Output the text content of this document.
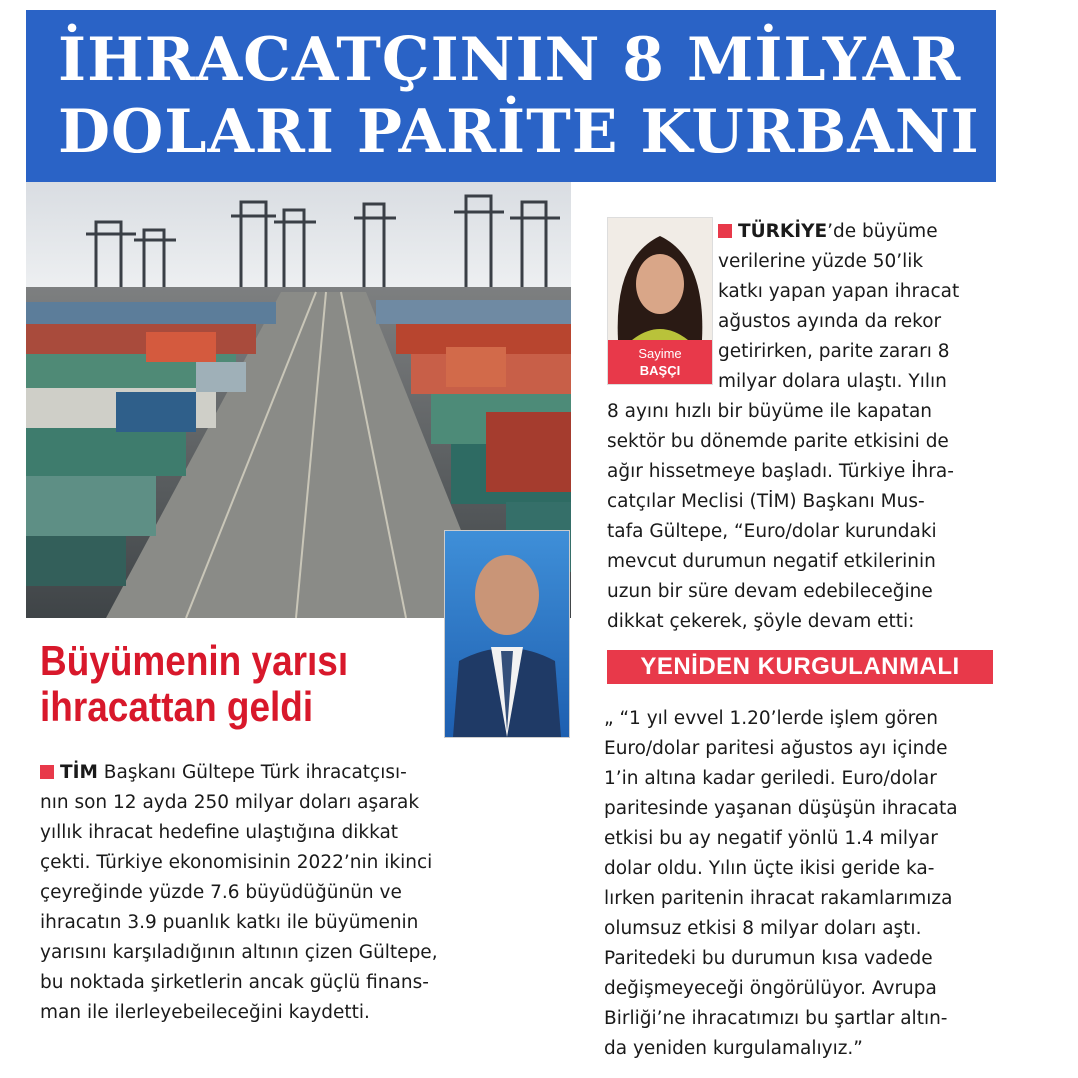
İHRACATÇININ 8 MİLYAR
DOLARI PARİTE KURBANI
Büyümenin yarısı
ihracattan geldi
TİM Başkanı Gültepe Türk ihracatçısı-
nın son 12 ayda 250 milyar doları aşarak
yıllık ihracat hedefine ulaştığına dikkat
çekti. Türkiye ekonomisinin 2022’nin ikinci
çeyreğinde yüzde 7.6 büyüdüğünün ve
ihracatın 3.9 puanlık katkı ile büyümenin
yarısını karşıladığının altının çizen Gültepe,
bu noktada şirketlerin ancak güçlü finans-
man ile ilerleyebeileceğini kaydetti.
Sayime
BAŞÇI
TÜRKİYE’de büyüme
verilerine yüzde 50’lik
katkı yapan yapan ihracat
ağustos ayında da rekor
getirirken, parite zararı 8
milyar dolara ulaştı. Yılın
8 ayını hızlı bir büyüme ile kapatan
sektör bu dönemde parite etkisini de
ağır hissetmeye başladı. Türkiye İhra-
catçılar Meclisi (TİM) Başkanı Mus-
tafa Gültepe, “Euro/dolar kurundaki
mevcut durumun negatif etkilerinin
uzun bir süre devam edebileceğine
dikkat çekerek, şöyle devam etti:
YENİDEN KURGULANMALI
„ “1 yıl evvel 1.20’lerde işlem gören
Euro/dolar paritesi ağustos ayı içinde
1’in altına kadar geriledi. Euro/dolar
paritesinde yaşanan düşüşün ihracata
etkisi bu ay negatif yönlü 1.4 milyar
dolar oldu. Yılın üçte ikisi geride ka-
lırken paritenin ihracat rakamlarımıza
olumsuz etkisi 8 milyar doları aştı.
Paritedeki bu durumun kısa vadede
değişmeyeceği öngörülüyor. Avrupa
Birliği’ne ihracatımızı bu şartlar altın-
da yeniden kurgulamalıyız.”
